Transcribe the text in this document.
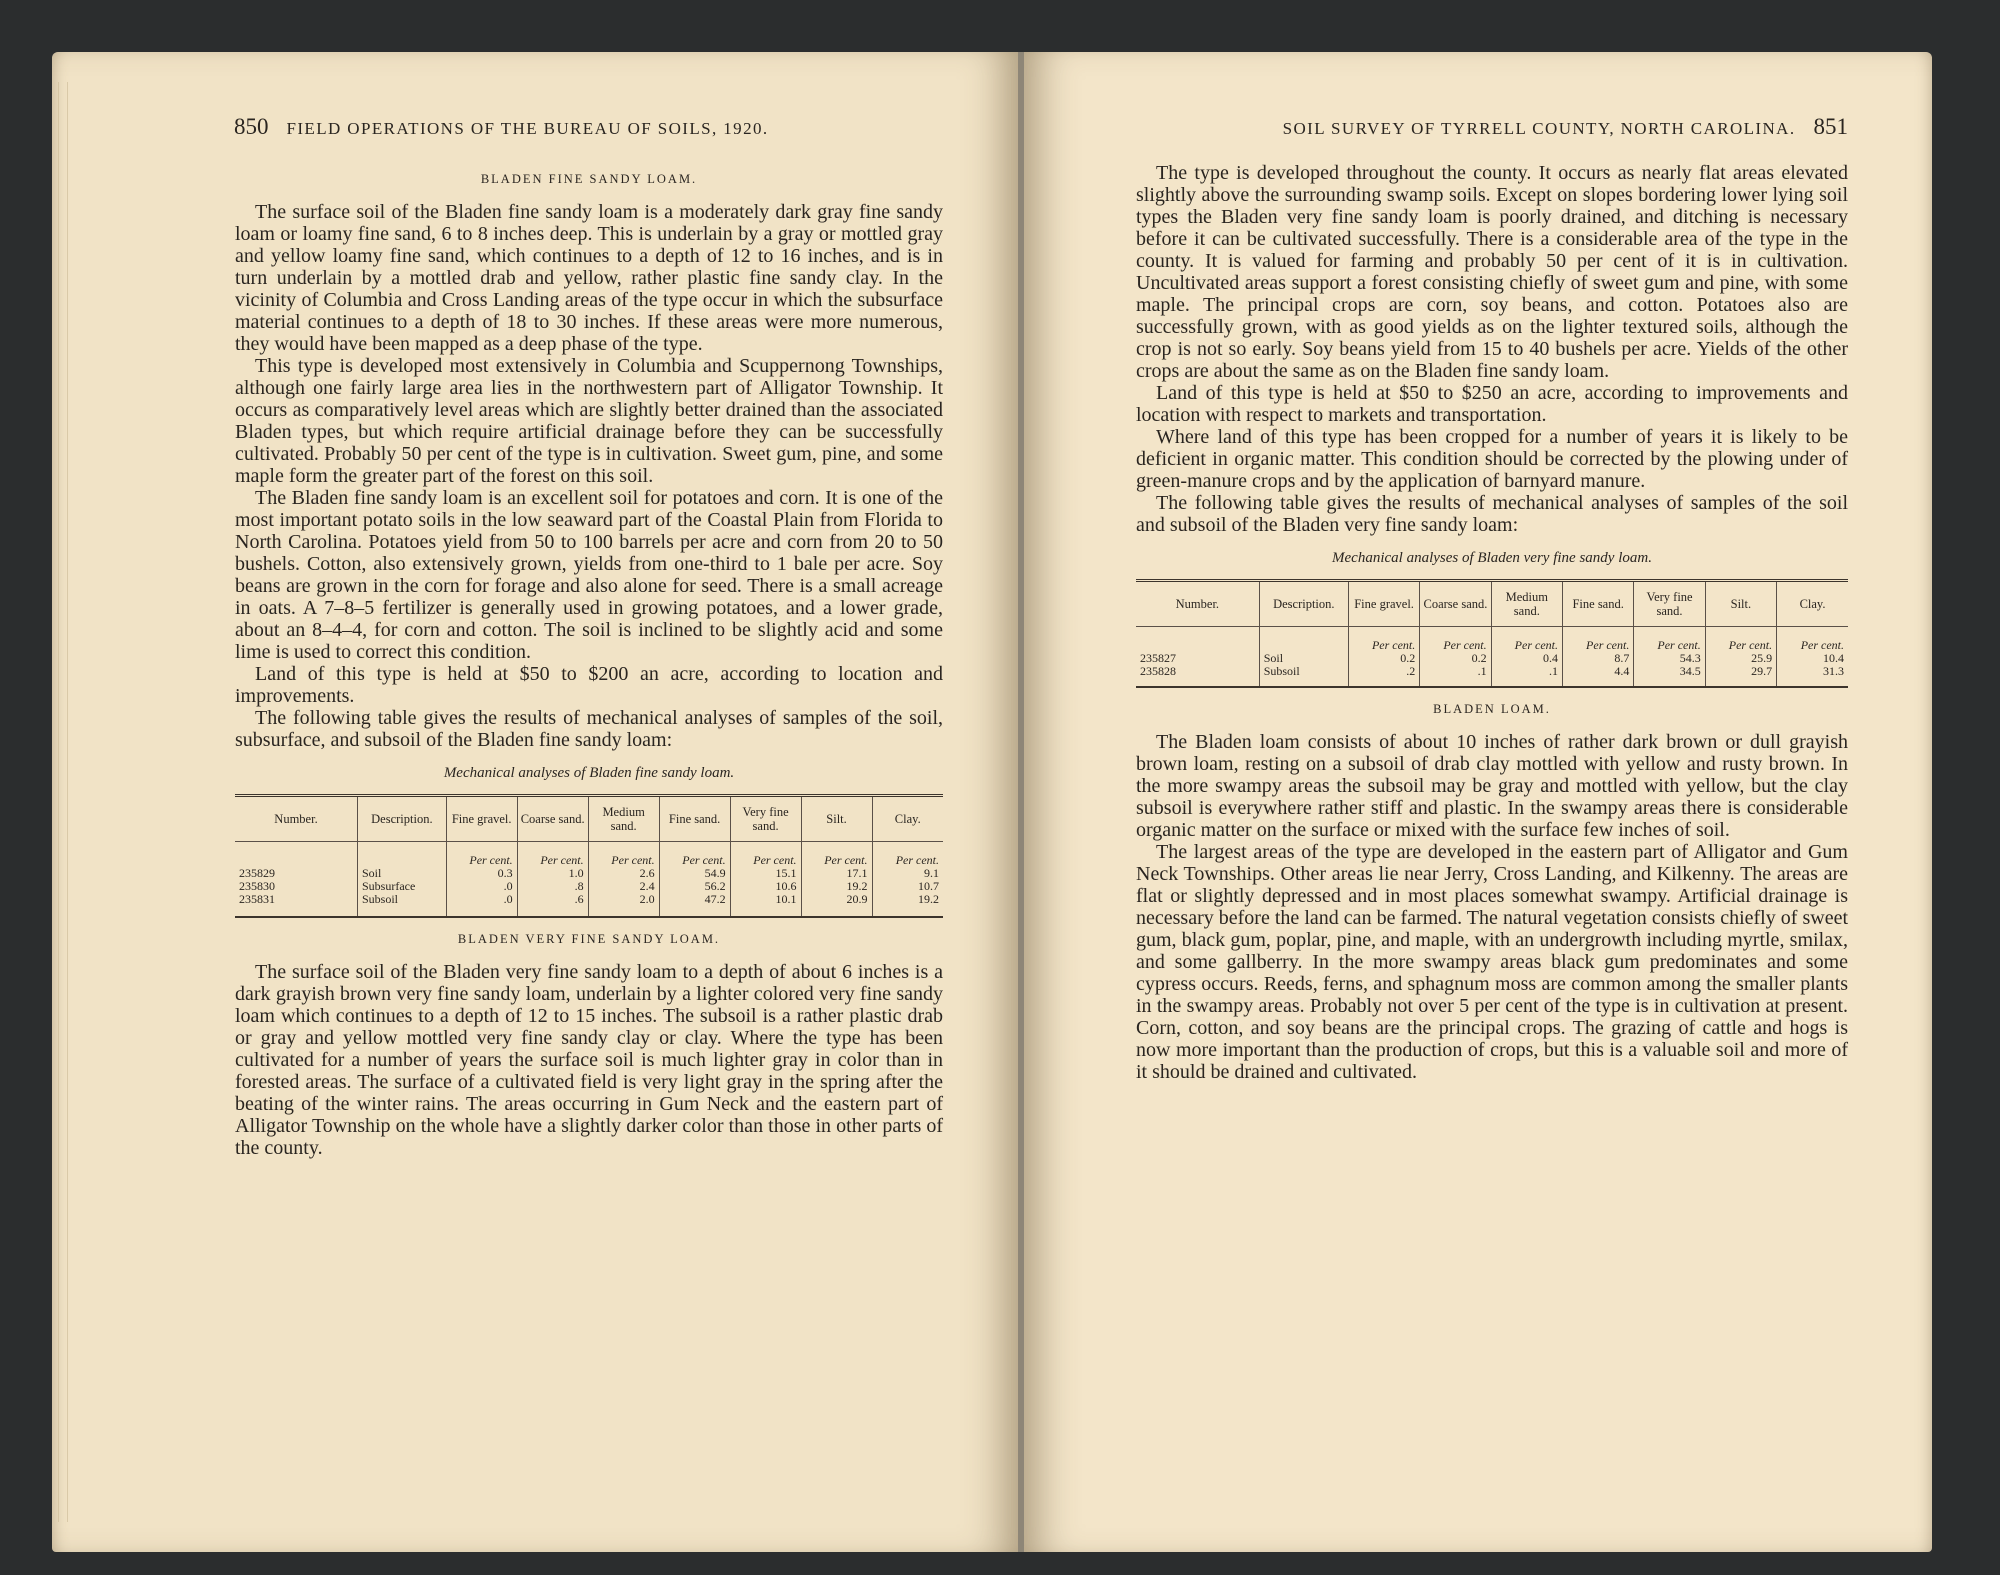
850 FIELD OPERATIONS OF THE BUREAU OF SOILS, 1920.
BLADEN FINE SANDY LOAM.

The surface soil of the Bladen fine sandy loam is a moderately dark gray fine sandy loam or loamy fine sand, 6 to 8 inches deep. This is underlain by a gray or mottled gray and yellow loamy fine sand, which continues to a depth of 12 to 16 inches, and is in turn underlain by a mottled drab and yellow, rather plastic fine sandy clay. In the vicinity of Columbia and Cross Landing areas of the type occur in which the subsurface material continues to a depth of 18 to 30 inches. If these areas were more numerous, they would have been mapped as a deep phase of the type.

This type is developed most extensively in Columbia and Scuppernong Townships, although one fairly large area lies in the northwestern part of Alligator Township. It occurs as comparatively level areas which are slightly better drained than the associated Bladen types, but which require artificial drainage before they can be successfully cultivated. Probably 50 per cent of the type is in cultivation. Sweet gum, pine, and some maple form the greater part of the forest on this soil.

The Bladen fine sandy loam is an excellent soil for potatoes and corn. It is one of the most important potato soils in the low seaward part of the Coastal Plain from Florida to North Carolina. Potatoes yield from 50 to 100 barrels per acre and corn from 20 to 50 bushels. Cotton, also extensively grown, yields from one-third to 1 bale per acre. Soy beans are grown in the corn for forage and also alone for seed. There is a small acreage in oats. A 7–8–5 fertilizer is generally used in growing potatoes, and a lower grade, about an 8–4–4, for corn and cotton. The soil is inclined to be slightly acid and some lime is used to correct this condition.

Land of this type is held at $50 to $200 an acre, according to location and improvements.

The following table gives the results of mechanical analyses of samples of the soil, subsurface, and subsoil of the Bladen fine sandy loam:

Mechanical analyses of Bladen fine sandy loam.
Number.	Description.	Fine gravel.	Coarse sand.	Medium sand.	Fine sand.	Very fine sand.	Silt.	Clay.
		Per cent.	Per cent.	Per cent.	Per cent.	Per cent.	Per cent.	Per cent.
235829	Soil	0.3	1.0	2.6	54.9	15.1	17.1	9.1
235830	Subsurface	.0	.8	2.4	56.2	10.6	19.2	10.7
235831	Subsoil	.0	.6	2.0	47.2	10.1	20.9	19.2
BLADEN VERY FINE SANDY LOAM.

The surface soil of the Bladen very fine sandy loam to a depth of about 6 inches is a dark grayish brown very fine sandy loam, underlain by a lighter colored very fine sandy loam which continues to a depth of 12 to 15 inches. The subsoil is a rather plastic drab or gray and yellow mottled very fine sandy clay or clay. Where the type has been cultivated for a number of years the surface soil is much lighter gray in color than in forested areas. The surface of a cultivated field is very light gray in the spring after the beating of the winter rains. The areas occurring in Gum Neck and the eastern part of Alligator Township on the whole have a slightly darker color than those in other parts of the county.

SOIL SURVEY OF TYRRELL COUNTY, NORTH CAROLINA. 851

The type is developed throughout the county. It occurs as nearly flat areas elevated slightly above the surrounding swamp soils. Except on slopes bordering lower lying soil types the Bladen very fine sandy loam is poorly drained, and ditching is necessary before it can be cultivated successfully. There is a considerable area of the type in the county. It is valued for farming and probably 50 per cent of it is in cultivation. Uncultivated areas support a forest consisting chiefly of sweet gum and pine, with some maple. The principal crops are corn, soy beans, and cotton. Potatoes also are successfully grown, with as good yields as on the lighter textured soils, although the crop is not so early. Soy beans yield from 15 to 40 bushels per acre. Yields of the other crops are about the same as on the Bladen fine sandy loam.

Land of this type is held at $50 to $250 an acre, according to improvements and location with respect to markets and transportation.

Where land of this type has been cropped for a number of years it is likely to be deficient in organic matter. This condition should be corrected by the plowing under of green-manure crops and by the application of barnyard manure.

The following table gives the results of mechanical analyses of samples of the soil and subsoil of the Bladen very fine sandy loam:

Mechanical analyses of Bladen very fine sandy loam.
Number.	Description.	Fine gravel.	Coarse sand.	Medium sand.	Fine sand.	Very fine sand.	Silt.	Clay.
		Per cent.	Per cent.	Per cent.	Per cent.	Per cent.	Per cent.	Per cent.
235827	Soil	0.2	0.2	0.4	8.7	54.3	25.9	10.4
235828	Subsoil	.2	.1	.1	4.4	34.5	29.7	31.3
BLADEN LOAM.

The Bladen loam consists of about 10 inches of rather dark brown or dull grayish brown loam, resting on a subsoil of drab clay mottled with yellow and rusty brown. In the more swampy areas the subsoil may be gray and mottled with yellow, but the clay subsoil is everywhere rather stiff and plastic. In the swampy areas there is considerable organic matter on the surface or mixed with the surface few inches of soil.

The largest areas of the type are developed in the eastern part of Alligator and Gum Neck Townships. Other areas lie near Jerry, Cross Landing, and Kilkenny. The areas are flat or slightly depressed and in most places somewhat swampy. Artificial drainage is necessary before the land can be farmed. The natural vegetation consists chiefly of sweet gum, black gum, poplar, pine, and maple, with an undergrowth including myrtle, smilax, and some gallberry. In the more swampy areas black gum predominates and some cypress occurs. Reeds, ferns, and sphagnum moss are common among the smaller plants in the swampy areas. Probably not over 5 per cent of the type is in cultivation at present. Corn, cotton, and soy beans are the principal crops. The grazing of cattle and hogs is now more important than the production of crops, but this is a valuable soil and more of it should be drained and cultivated.
